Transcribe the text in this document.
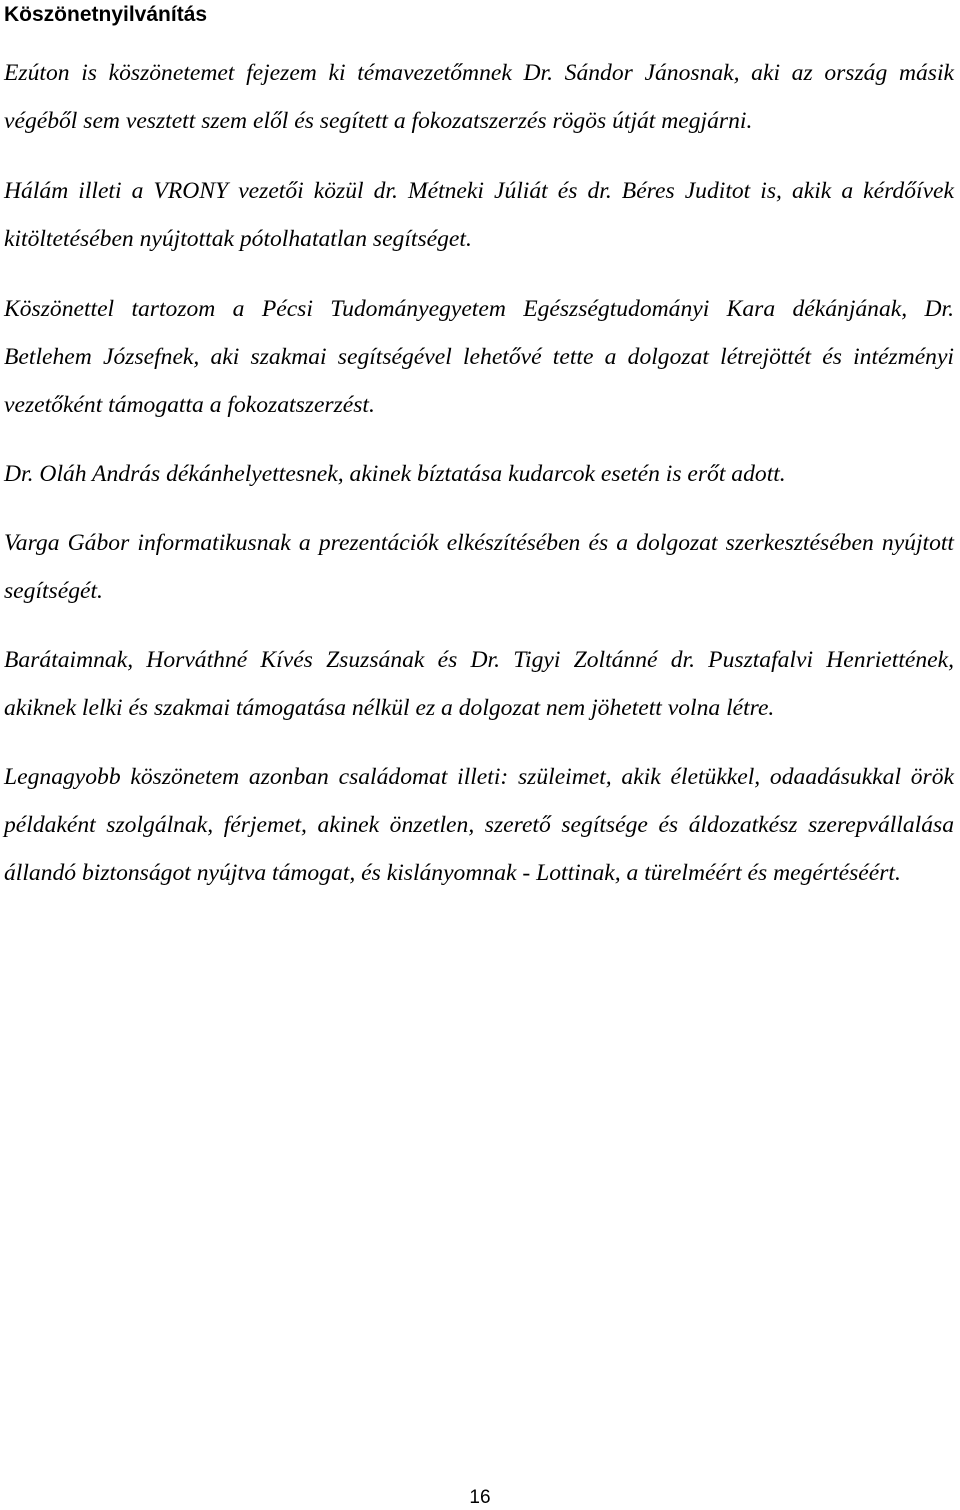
Köszönetnyilvánítás

Ezúton is köszönetemet fejezem ki témavezetőmnek Dr. Sándor Jánosnak, aki az ország másik végéből sem vesztett szem elől és segített a fokozatszerzés rögös útját megjárni.

Hálám illeti a VRONY vezetői közül dr. Métneki Júliát és dr. Béres Juditot is, akik a kérdőívek kitöltetésében nyújtottak pótolhatatlan segítséget.

Köszönettel tartozom a Pécsi Tudományegyetem Egészségtudományi Kara dékánjának, Dr. Betlehem Józsefnek, aki szakmai segítségével lehetővé tette a dolgozat létrejöttét és intézményi vezetőként támogatta a fokozatszerzést.

Dr. Oláh András dékánhelyettesnek, akinek bíztatása kudarcok esetén is erőt adott.

Varga Gábor informatikusnak a prezentációk elkészítésében és a dolgozat szerkesztésében nyújtott segítségét.

Barátaimnak, Horváthné Kívés Zsuzsának és Dr. Tigyi Zoltánné dr. Pusztafalvi Henriettének, akiknek lelki és szakmai támogatása nélkül ez a dolgozat nem jöhetett volna létre.

Legnagyobb köszönetem azonban családomat illeti: szüleimet, akik életükkel, odaadásukkal örök példaként szolgálnak, férjemet, akinek önzetlen, szerető segítsége és áldozatkész szerepvállalása állandó biztonságot nyújtva támogat, és kislányomnak - Lottinak, a türelméért és megértéséért.

16
